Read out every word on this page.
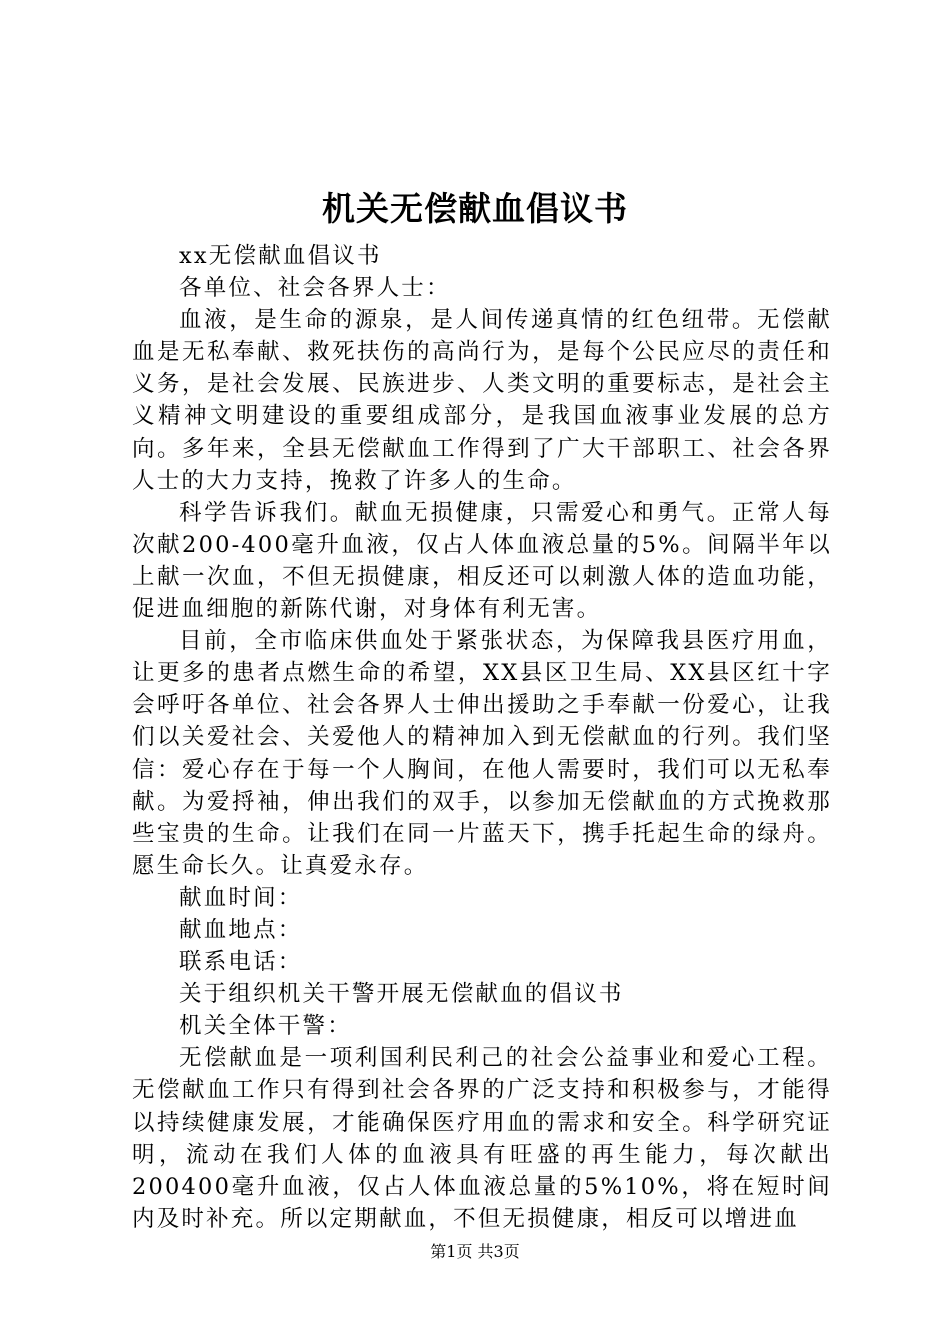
机关无偿献血倡议书

xx无偿献血倡议书

各单位、社会各界人士：

血液，是生命的源泉，是人间传递真情的红色纽带。无偿献血是无私奉献、救死扶伤的高尚行为，是每个公民应尽的责任和义务，是社会发展、民族进步、人类文明的重要标志，是社会主义精神文明建设的重要组成部分，是我国血液事业发展的总方向。多年来，全县无偿献血工作得到了广大干部职工、社会各界人士的大力支持，挽救了许多人的生命。

科学告诉我们。献血无损健康，只需爱心和勇气。正常人每次献200-400毫升血液，仅占人体血液总量的5%。间隔半年以上献一次血，不但无损健康，相反还可以刺激人体的造血功能，促进血细胞的新陈代谢，对身体有利无害。

目前，全市临床供血处于紧张状态，为保障我县医疗用血，让更多的患者点燃生命的希望，XX县区卫生局、XX县区红十字会呼吁各单位、社会各界人士伸出援助之手奉献一份爱心，让我们以关爱社会、关爱他人的精神加入到无偿献血的行列。我们坚信：爱心存在于每一个人胸间，在他人需要时，我们可以无私奉献。为爱捋袖，伸出我们的双手，以参加无偿献血的方式挽救那些宝贵的生命。让我们在同一片蓝天下，携手托起生命的绿舟。愿生命长久。让真爱永存。

献血时间：

献血地点：

联系电话：

关于组织机关干警开展无偿献血的倡议书

机关全体干警：

无偿献血是一项利国利民利己的社会公益事业和爱心工程。无偿献血工作只有得到社会各界的广泛支持和积极参与，才能得以持续健康发展，才能确保医疗用血的需求和安全。科学研究证明，流动在我们人体的血液具有旺盛的再生能力，每次献出200400毫升血液，仅占人体血液总量的5%10%，将在短时间内及时补充。所以定期献血，不但无损健康，相反可以增进血

第1页 共3页
